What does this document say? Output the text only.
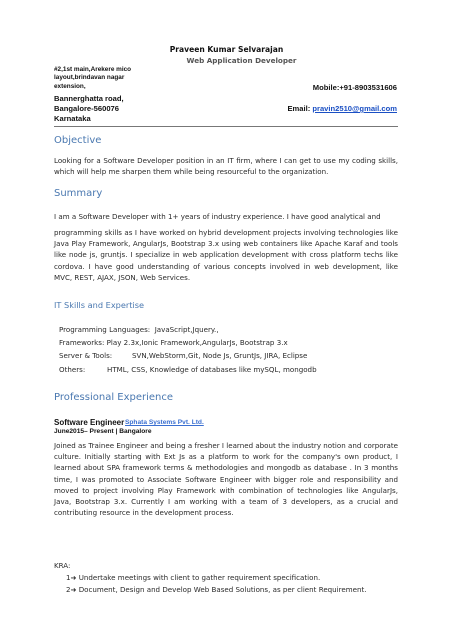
Praveen Kumar Selvarajan
Web Application Developer
#2,1st main,Arekere mico
layout,brindavan nagar
extension,
Bannerghatta road,
Bangalore-560076
Karnataka
Mobile:+91-8903531606
Email: pravin2510@gmail.com
Objective
Looking for a Software Developer position in an IT firm, where I can get to use my coding skills, which will help me sharpen them while being resourceful to the organization.
Summary
I am a Software Developer with 1+ years of industry experience. I have good analytical and
programming skills as I have worked on hybrid development projects involving technologies like Java Play Framework, AngularJs, Bootstrap 3.x using web containers like Apache Karaf and tools like node js, gruntjs. I specialize in web application development with cross platform techs like cordova. I have good understanding of various concepts involved in web development, like MVC, REST, AJAX, JSON, Web Services.
IT Skills and Expertise
Programming Languages: JavaScript,Jquery.,
Frameworks: Play 2.3x,Ionic Framework,AngularJs, Bootstrap 3.x
Server & Tools:	SVN,WebStorm,Git, Node Js, GruntJs, JIRA, Eclipse
Others:	HTML, CSS, Knowledge of databases like mySQL, mongodb
Professional Experience
Software Engineer Sphata Systems Pvt. Ltd.
June2015– Present | Bangalore
Joined as Trainee Engineer and being a fresher I learned about the industry notion and corporate culture. Initially starting with Ext Js as a platform to work for the company's own product, I learned about SPA framework terms & methodologies and mongodb as database . In 3 months time, I was promoted to Associate Software Engineer with bigger role and responsibility and moved to project involving Play Framework with combination of technologies like AngularJs, Java, Bootstrap 3.x. Currently I am working with a team of 3 developers, as a crucial and contributing resource in the development process.
KRA:
1➜ Undertake meetings with client to gather requirement specification.
2➜ Document, Design and Develop Web Based Solutions, as per client Requirement.
